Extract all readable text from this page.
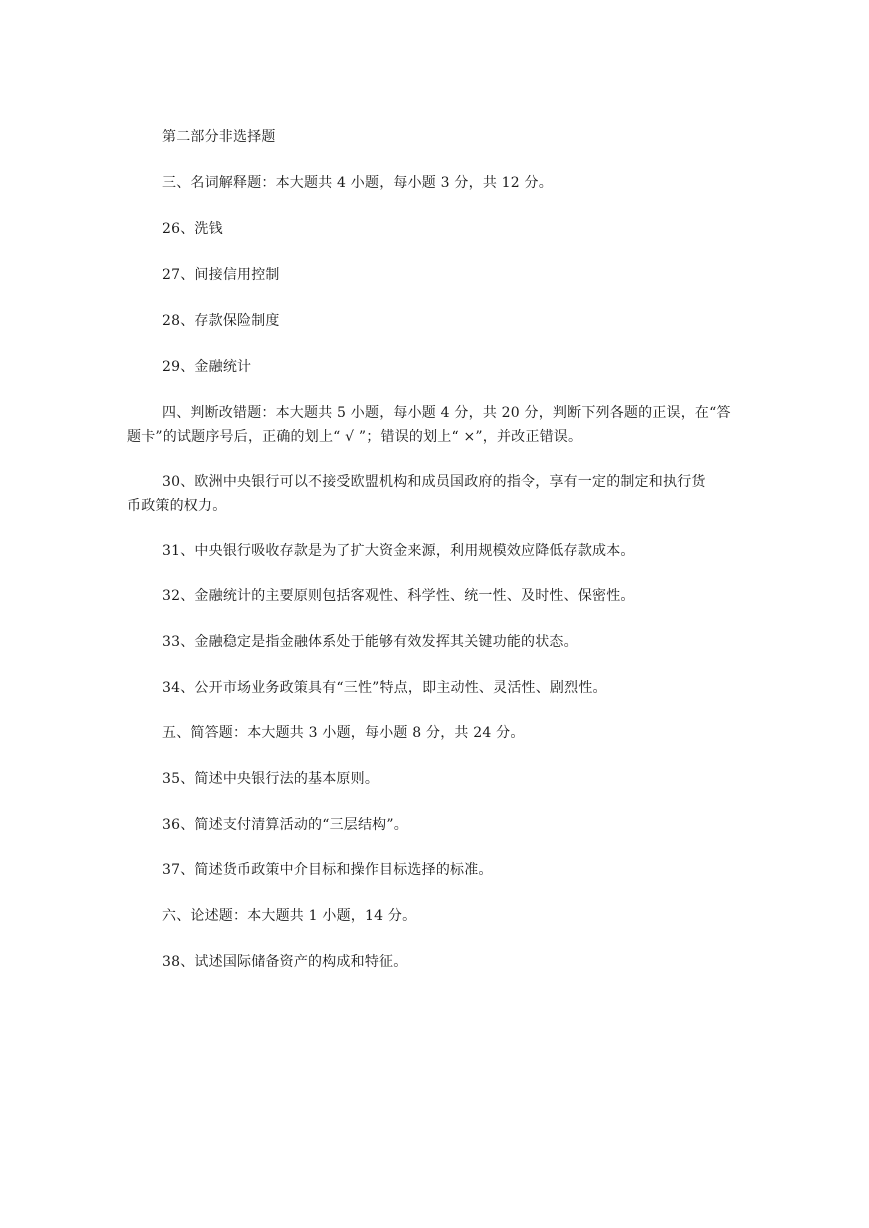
第二部分非选择题
三、名词解释题：本大题共 4 小题，每小题 3 分，共 12 分。
26、洗钱
27、间接信用控制
28、存款保险制度
29、金融统计
四、判断改错题：本大题共 5 小题，每小题 4 分，共 20 分，判断下列各题的正误，在“答
题卡”的试题序号后，正确的划上“ √ ”；错误的划上“ ×”，并改正错误。
30、欧洲中央银行可以不接受欧盟机构和成员国政府的指令，享有一定的制定和执行货
币政策的权力。
31、中央银行吸收存款是为了扩大资金来源，利用规模效应降低存款成本。
32、金融统计的主要原则包括客观性、科学性、统一性、及时性、保密性。
33、金融稳定是指金融体系处于能够有效发挥其关键功能的状态。
34、公开市场业务政策具有“三性”特点，即主动性、灵活性、剧烈性。
五、简答题：本大题共 3 小题，每小题 8 分，共 24 分。
35、简述中央银行法的基本原则。
36、简述支付清算活动的“三层结构”。
37、简述货币政策中介目标和操作目标选择的标准。
六、论述题：本大题共 1 小题，14 分。
38、试述国际储备资产的构成和特征。
